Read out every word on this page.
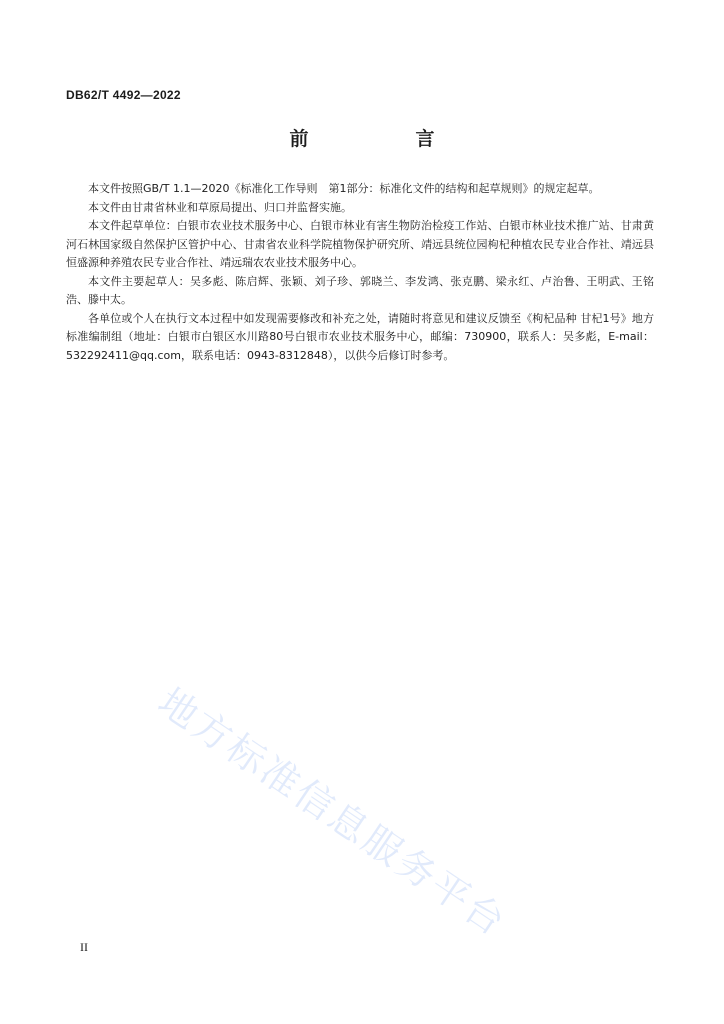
DB62/T 4492—2022
前　言

本文件按照GB/T 1.1—2020《标准化工作导则　第1部分：标准化文件的结构和起草规则》的规定起草。

本文件由甘肃省林业和草原局提出、归口并监督实施。

本文件起草单位：白银市农业技术服务中心、白银市林业有害生物防治检疫工作站、白银市林业技术推广站、甘肃黄河石林国家级自然保护区管护中心、甘肃省农业科学院植物保护研究所、靖远县统位园枸杞种植农民专业合作社、靖远县恒盛源种养殖农民专业合作社、靖远瑞农农业技术服务中心。

本文件主要起草人：吴多彪、陈启辉、张颖、刘子珍、郭晓兰、李发鸿、张克鹏、梁永红、卢治鲁、王明武、王铭浩、滕中太。

各单位或个人在执行文本过程中如发现需要修改和补充之处，请随时将意见和建议反馈至《枸杞品种 甘杞1号》地方标准编制组（地址：白银市白银区水川路80号白银市农业技术服务中心，邮编：730900，联系人：吴多彪，E-mail：532292411@qq.com，联系电话：0943-8312848），以供今后修订时参考。

地方标准信息服务平台
II
